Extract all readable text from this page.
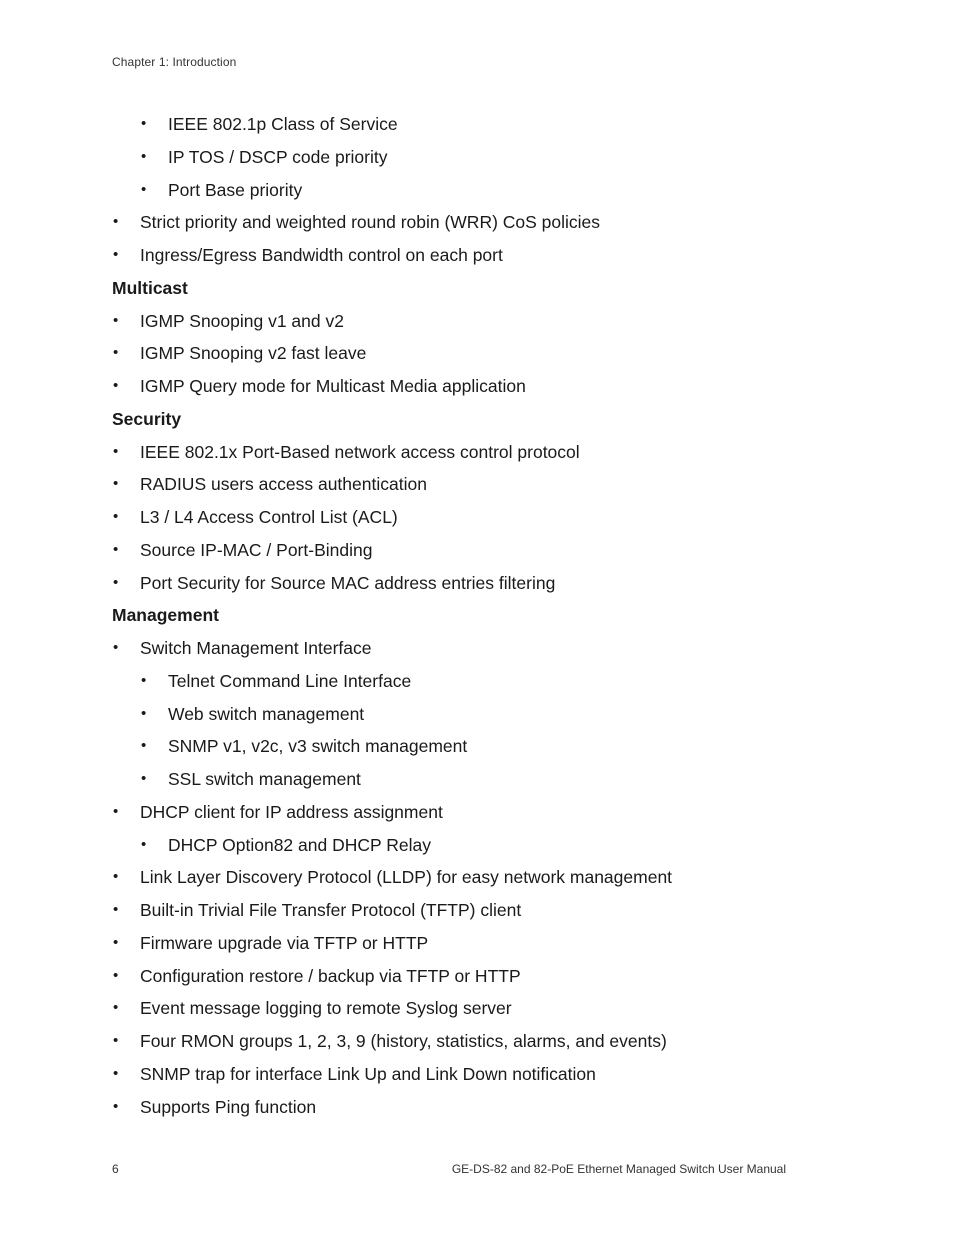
Chapter 1: Introduction
• IEEE 802.1p Class of Service
• IP TOS / DSCP code priority
• Port Base priority
• Strict priority and weighted round robin (WRR) CoS policies
• Ingress/Egress Bandwidth control on each port
Multicast
• IGMP Snooping v1 and v2
• IGMP Snooping v2 fast leave
• IGMP Query mode for Multicast Media application
Security
• IEEE 802.1x Port-Based network access control protocol
• RADIUS users access authentication
• L3 / L4 Access Control List (ACL)
• Source IP-MAC / Port-Binding
• Port Security for Source MAC address entries filtering
Management
• Switch Management Interface
• Telnet Command Line Interface
• Web switch management
• SNMP v1, v2c, v3 switch management
• SSL switch management
• DHCP client for IP address assignment
• DHCP Option82 and DHCP Relay
• Link Layer Discovery Protocol (LLDP) for easy network management
• Built-in Trivial File Transfer Protocol (TFTP) client
• Firmware upgrade via TFTP or HTTP
• Configuration restore / backup via TFTP or HTTP
• Event message logging to remote Syslog server
• Four RMON groups 1, 2, 3, 9 (history, statistics, alarms, and events)
• SNMP trap for interface Link Up and Link Down notification
• Supports Ping function
6	GE-DS-82 and 82-PoE Ethernet Managed Switch User Manual
